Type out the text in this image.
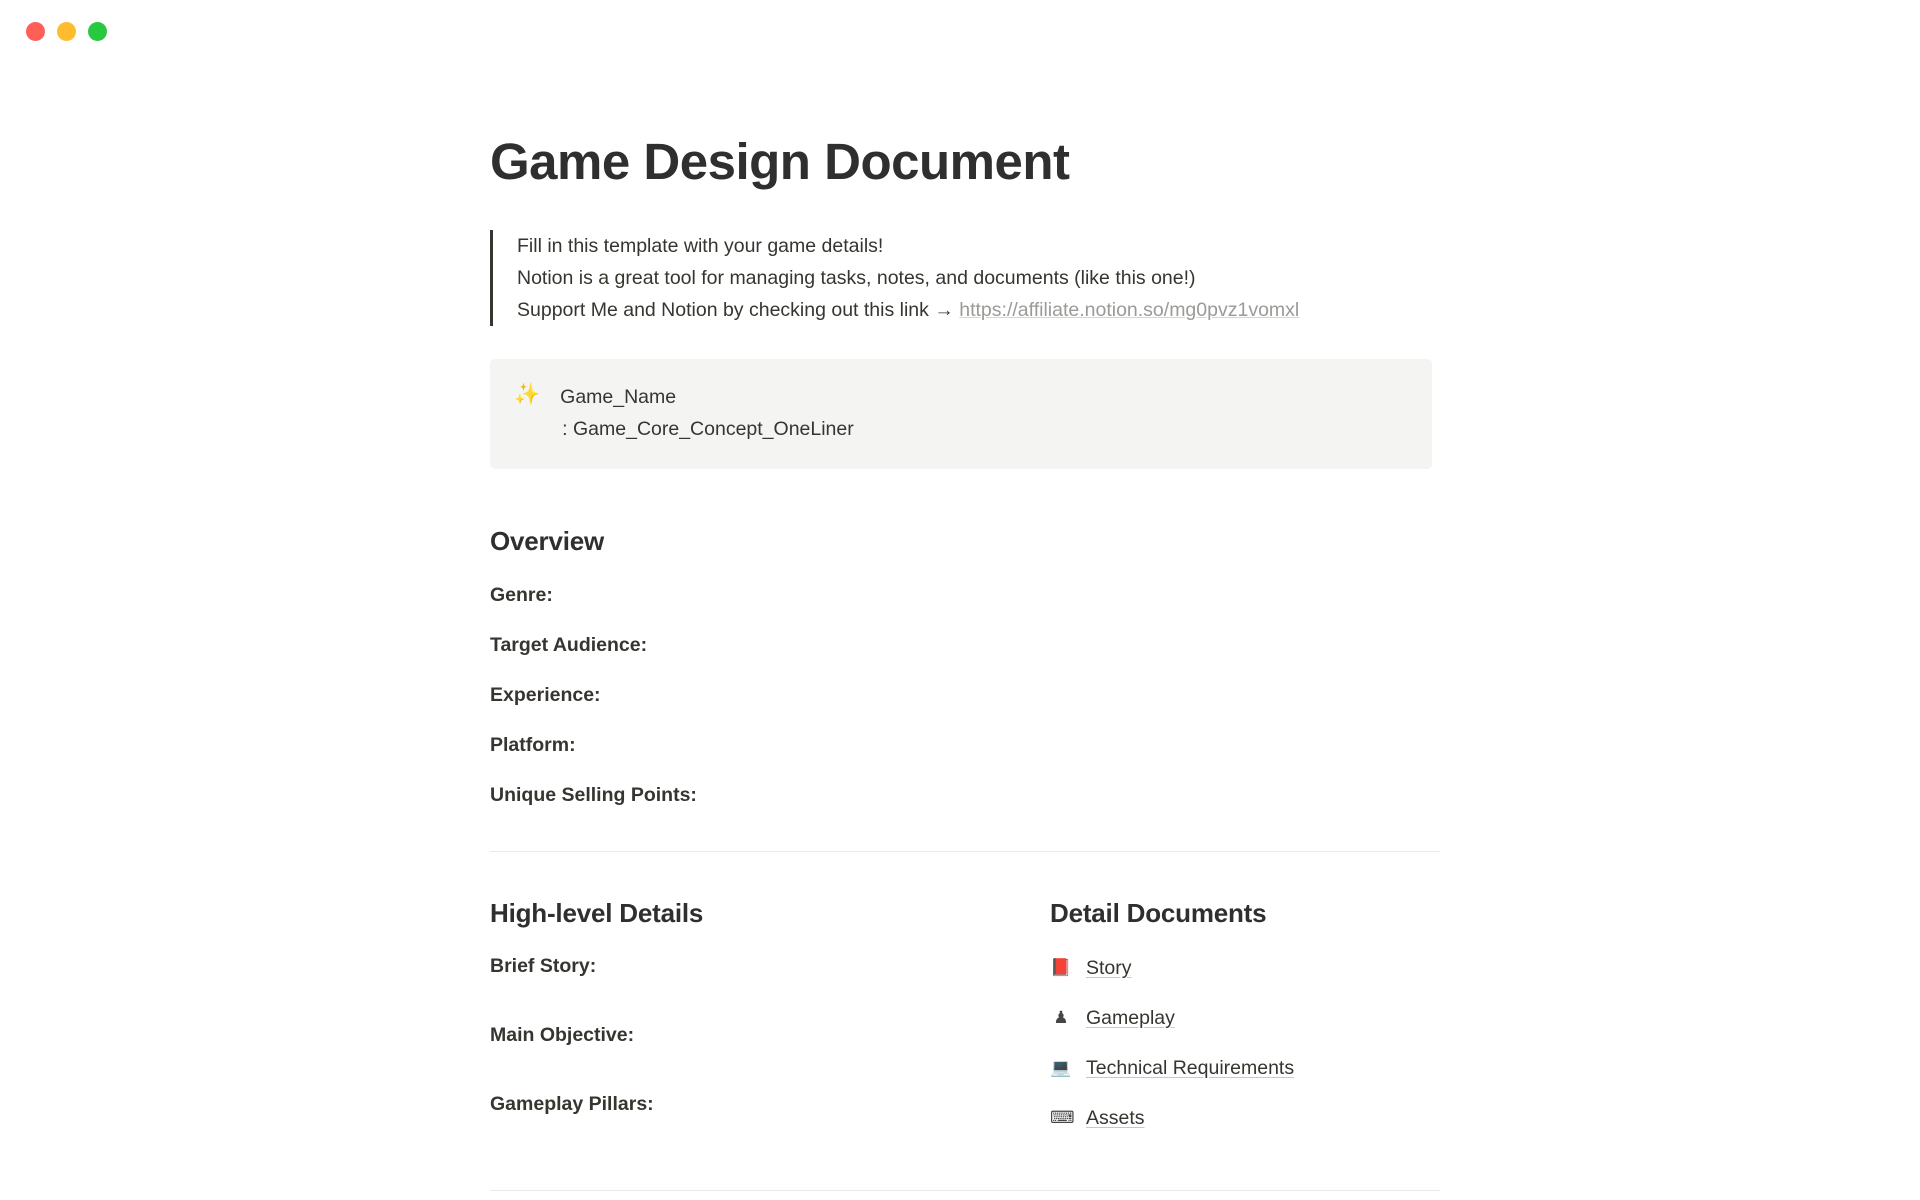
Game Design Document

Fill in this template with your game details!

Notion is a great tool for managing tasks, notes, and documents (like this one!)

Support Me and Notion by checking out this link → https://affiliate.notion.so/mg0pvz1vomxl

✨ Game_Name
: Game_Core_Concept_OneLiner
Overview
Genre:
Target Audience:
Experience:
Platform:
Unique Selling Points:
High-level Details
Brief Story:
Main Objective:
Gameplay Pillars:
Detail Documents
📕 Story
♟ Gameplay
💻 Technical Requirements
⌨ Assets
